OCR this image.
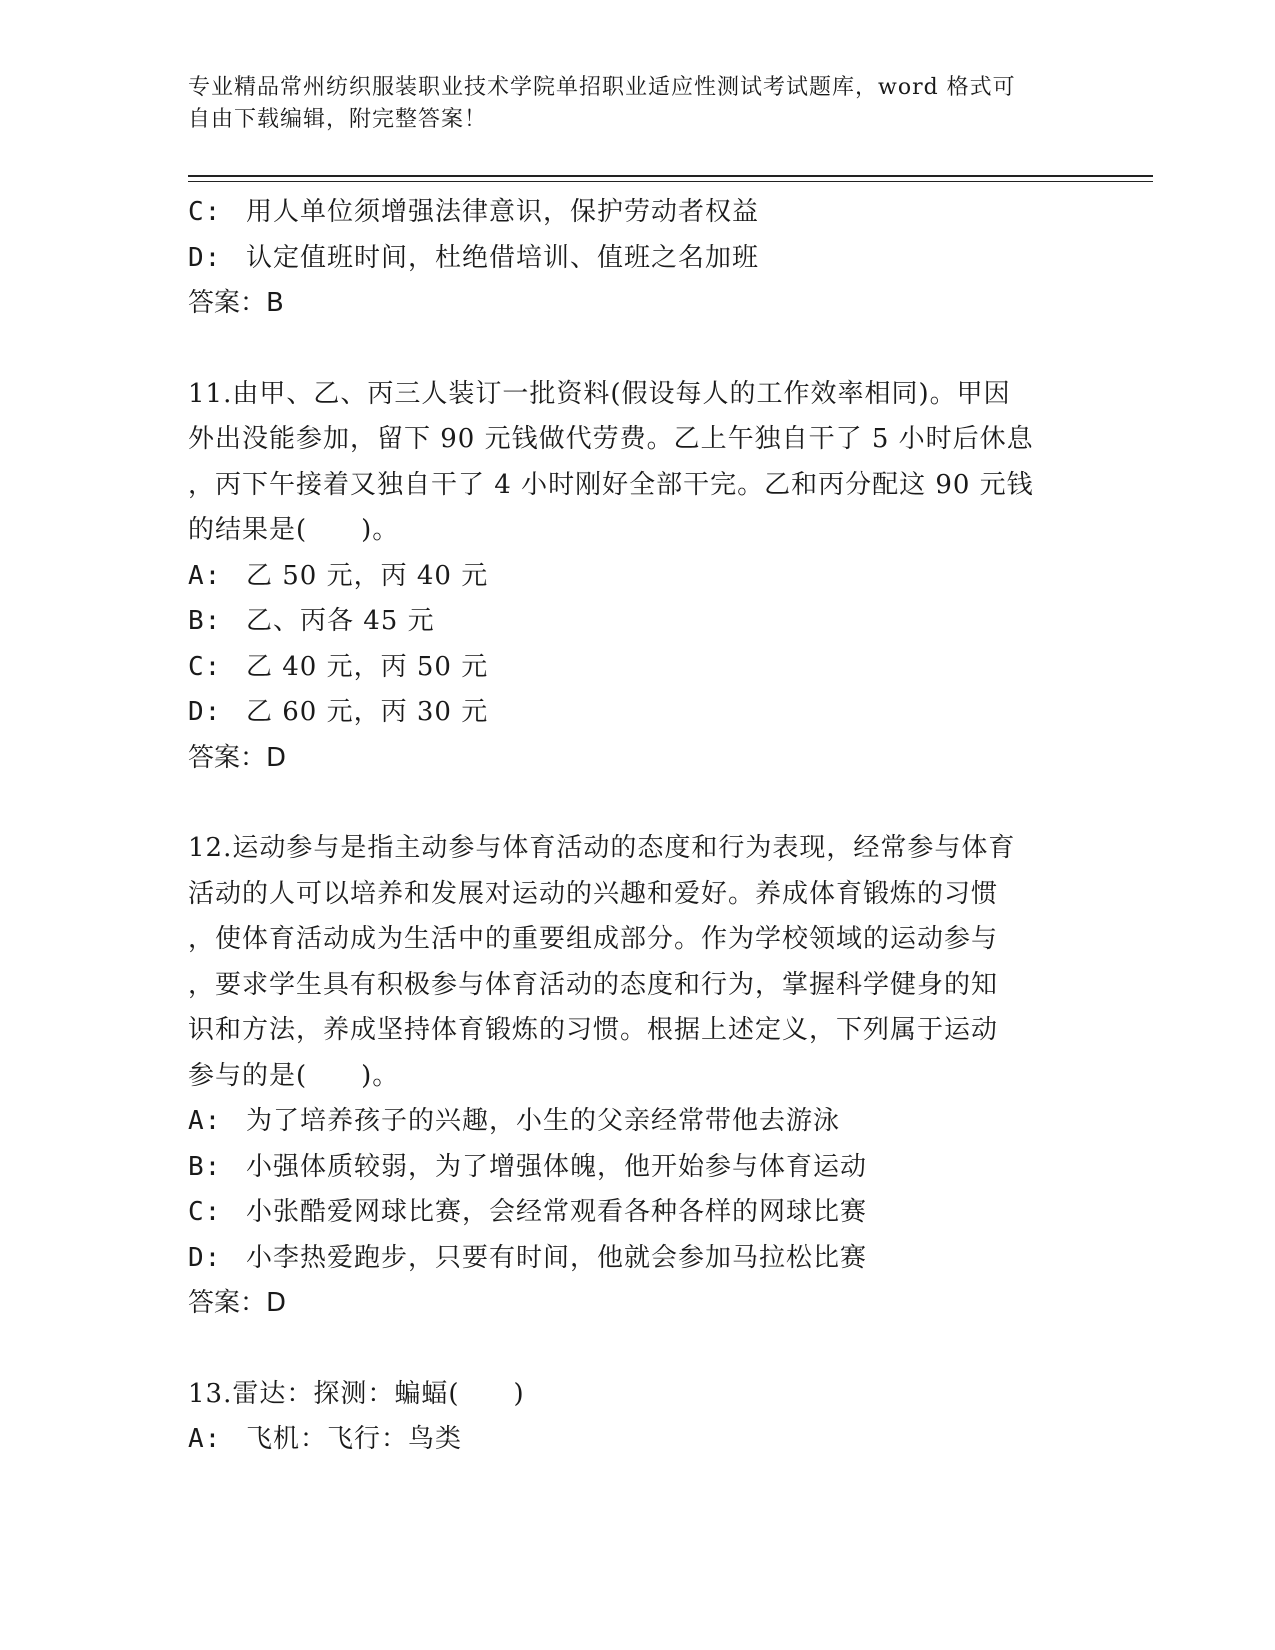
专业精品常州纺织服装职业技术学院单招职业适应性测试考试题库，word 格式可
自由下载编辑，附完整答案！
C: 用人单位须增强法律意识，保护劳动者权益
D: 认定值班时间，杜绝借培训、值班之名加班
答案：B
11.由甲、乙、丙三人装订一批资料(假设每人的工作效率相同)。甲因
外出没能参加，留下 90 元钱做代劳费。乙上午独自干了 5 小时后休息
，丙下午接着又独自干了 4 小时刚好全部干完。乙和丙分配这 90 元钱
的结果是(　　)。
A: 乙 50 元，丙 40 元
B: 乙、丙各 45 元
C: 乙 40 元，丙 50 元
D: 乙 60 元，丙 30 元
答案：D
12.运动参与是指主动参与体育活动的态度和行为表现，经常参与体育
活动的人可以培养和发展对运动的兴趣和爱好。养成体育锻炼的习惯
，使体育活动成为生活中的重要组成部分。作为学校领域的运动参与
，要求学生具有积极参与体育活动的态度和行为，掌握科学健身的知
识和方法，养成坚持体育锻炼的习惯。根据上述定义，下列属于运动
参与的是(　　)。
A: 为了培养孩子的兴趣，小生的父亲经常带他去游泳
B: 小强体质较弱，为了增强体魄，他开始参与体育运动
C: 小张酷爱网球比赛，会经常观看各种各样的网球比赛
D: 小李热爱跑步，只要有时间，他就会参加马拉松比赛
答案：D
13.雷达：探测：蝙蝠(　　)
A: 飞机：飞行：鸟类
